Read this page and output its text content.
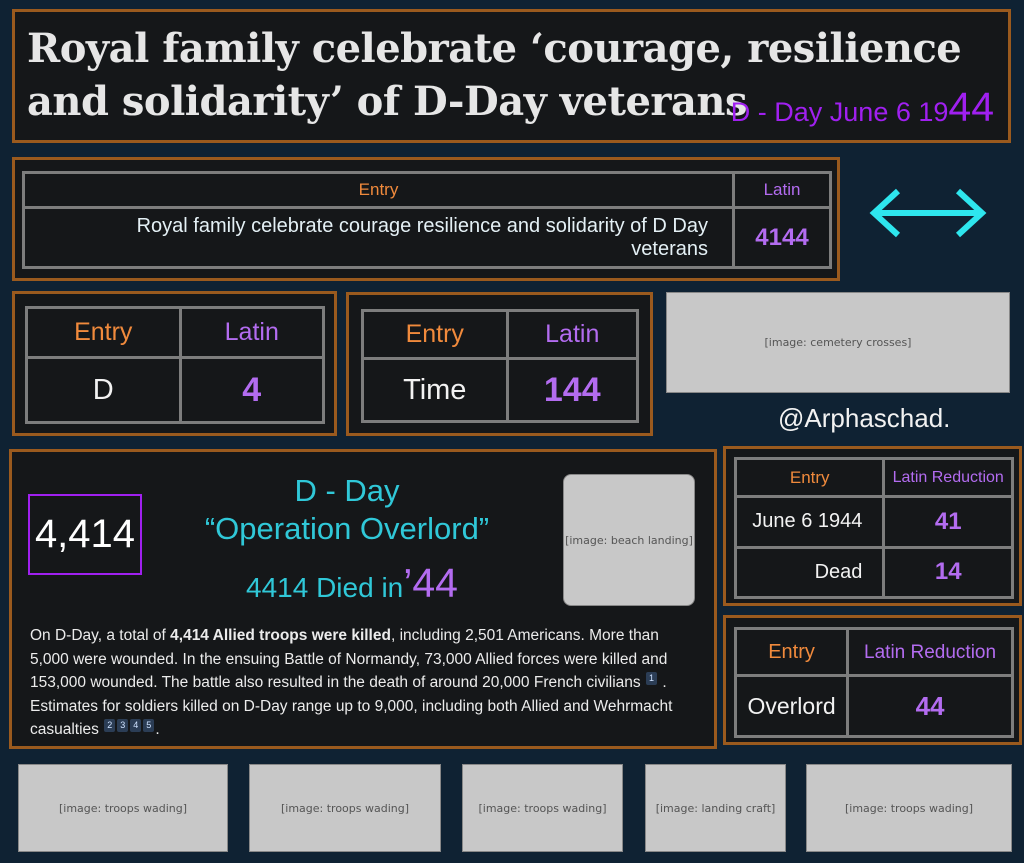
Royal family celebrate ‘courage, resilience and solidarity’ of D-Day veterans
D - Day June 6 1944
Entry	Latin
Royal family celebrate courage resilience and solidarity of D Day veterans	4144
Entry	Latin
D	4
Entry	Latin
Time	144
[image: cemetery crosses]
@Arphaschad.
4,414
D - Day
“Operation Overlord”
4414 Died in’44
[image: beach landing]
On D-Day, a total of 4,414 Allied troops were killed, including 2,501 Americans. More than 5,000 were wounded. In the ensuing Battle of Normandy, 73,000 Allied forces were killed and 153,000 wounded. The battle also resulted in the death of around 20,000 French civilians 1 . Estimates for soldiers killed on D-Day range up to 9,000, including both Allied and Wehrmacht casualties 2 3 4 5 .
Entry	Latin Reduction
June 6 1944	41
Dead	14
Entry	Latin Reduction
Overlord	44
[image: troops wading]	[image: troops wading]	[image: troops wading]	[image: landing craft]	[image: troops wading]
